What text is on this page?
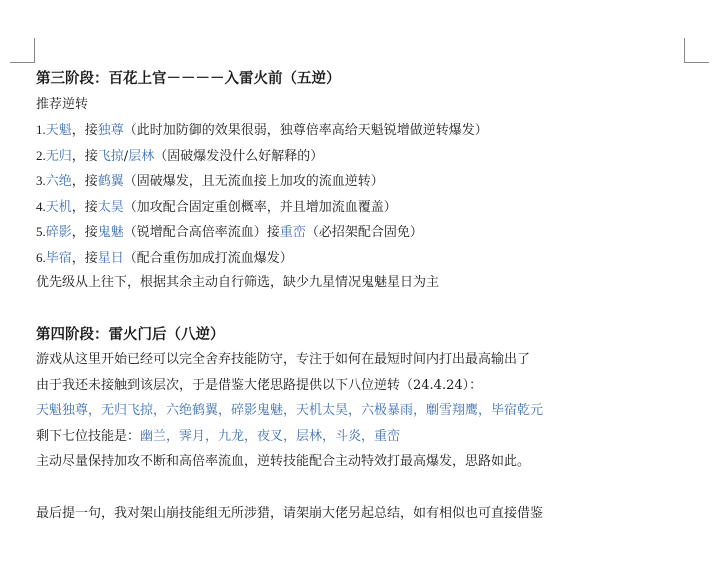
第三阶段：百花上官－－－－入雷火前（五逆）
推荐逆转
1.天魁，接独尊（此时加防御的效果很弱，独尊倍率高给天魁锐增做逆转爆发）
2.无归，接飞掠/层林（固破爆发没什么好解释的）
3.六绝，接鹤翼（固破爆发，且无流血接上加攻的流血逆转）
4.天机，接太昊（加攻配合固定重创概率，并且增加流血覆盖）
5.碎影，接鬼魅（锐增配合高倍率流血）接重峦（必招架配合固免）
6.毕宿，接星日（配合重伤加成打流血爆发）
优先级从上往下，根据其余主动自行筛选，缺少九星情况鬼魅星日为主
第四阶段：雷火门后（八逆）
游戏从这里开始已经可以完全舍弃技能防守，专注于如何在最短时间内打出最高输出了
由于我还未接触到该层次，于是借鉴大佬思路提供以下八位逆转（24.4.24）：
天魁独尊，无归飞掠，六绝鹤翼，碎影鬼魅，天机太昊，六极暴雨，劘雪翔鹰，毕宿乾元
剩下七位技能是：幽兰，霁月，九龙，夜叉，层林，斗炎，重峦
主动尽量保持加攻不断和高倍率流血，逆转技能配合主动特效打最高爆发，思路如此。
最后提一句，我对架山崩技能组无所涉猎，请架崩大佬另起总结，如有相似也可直接借鉴
